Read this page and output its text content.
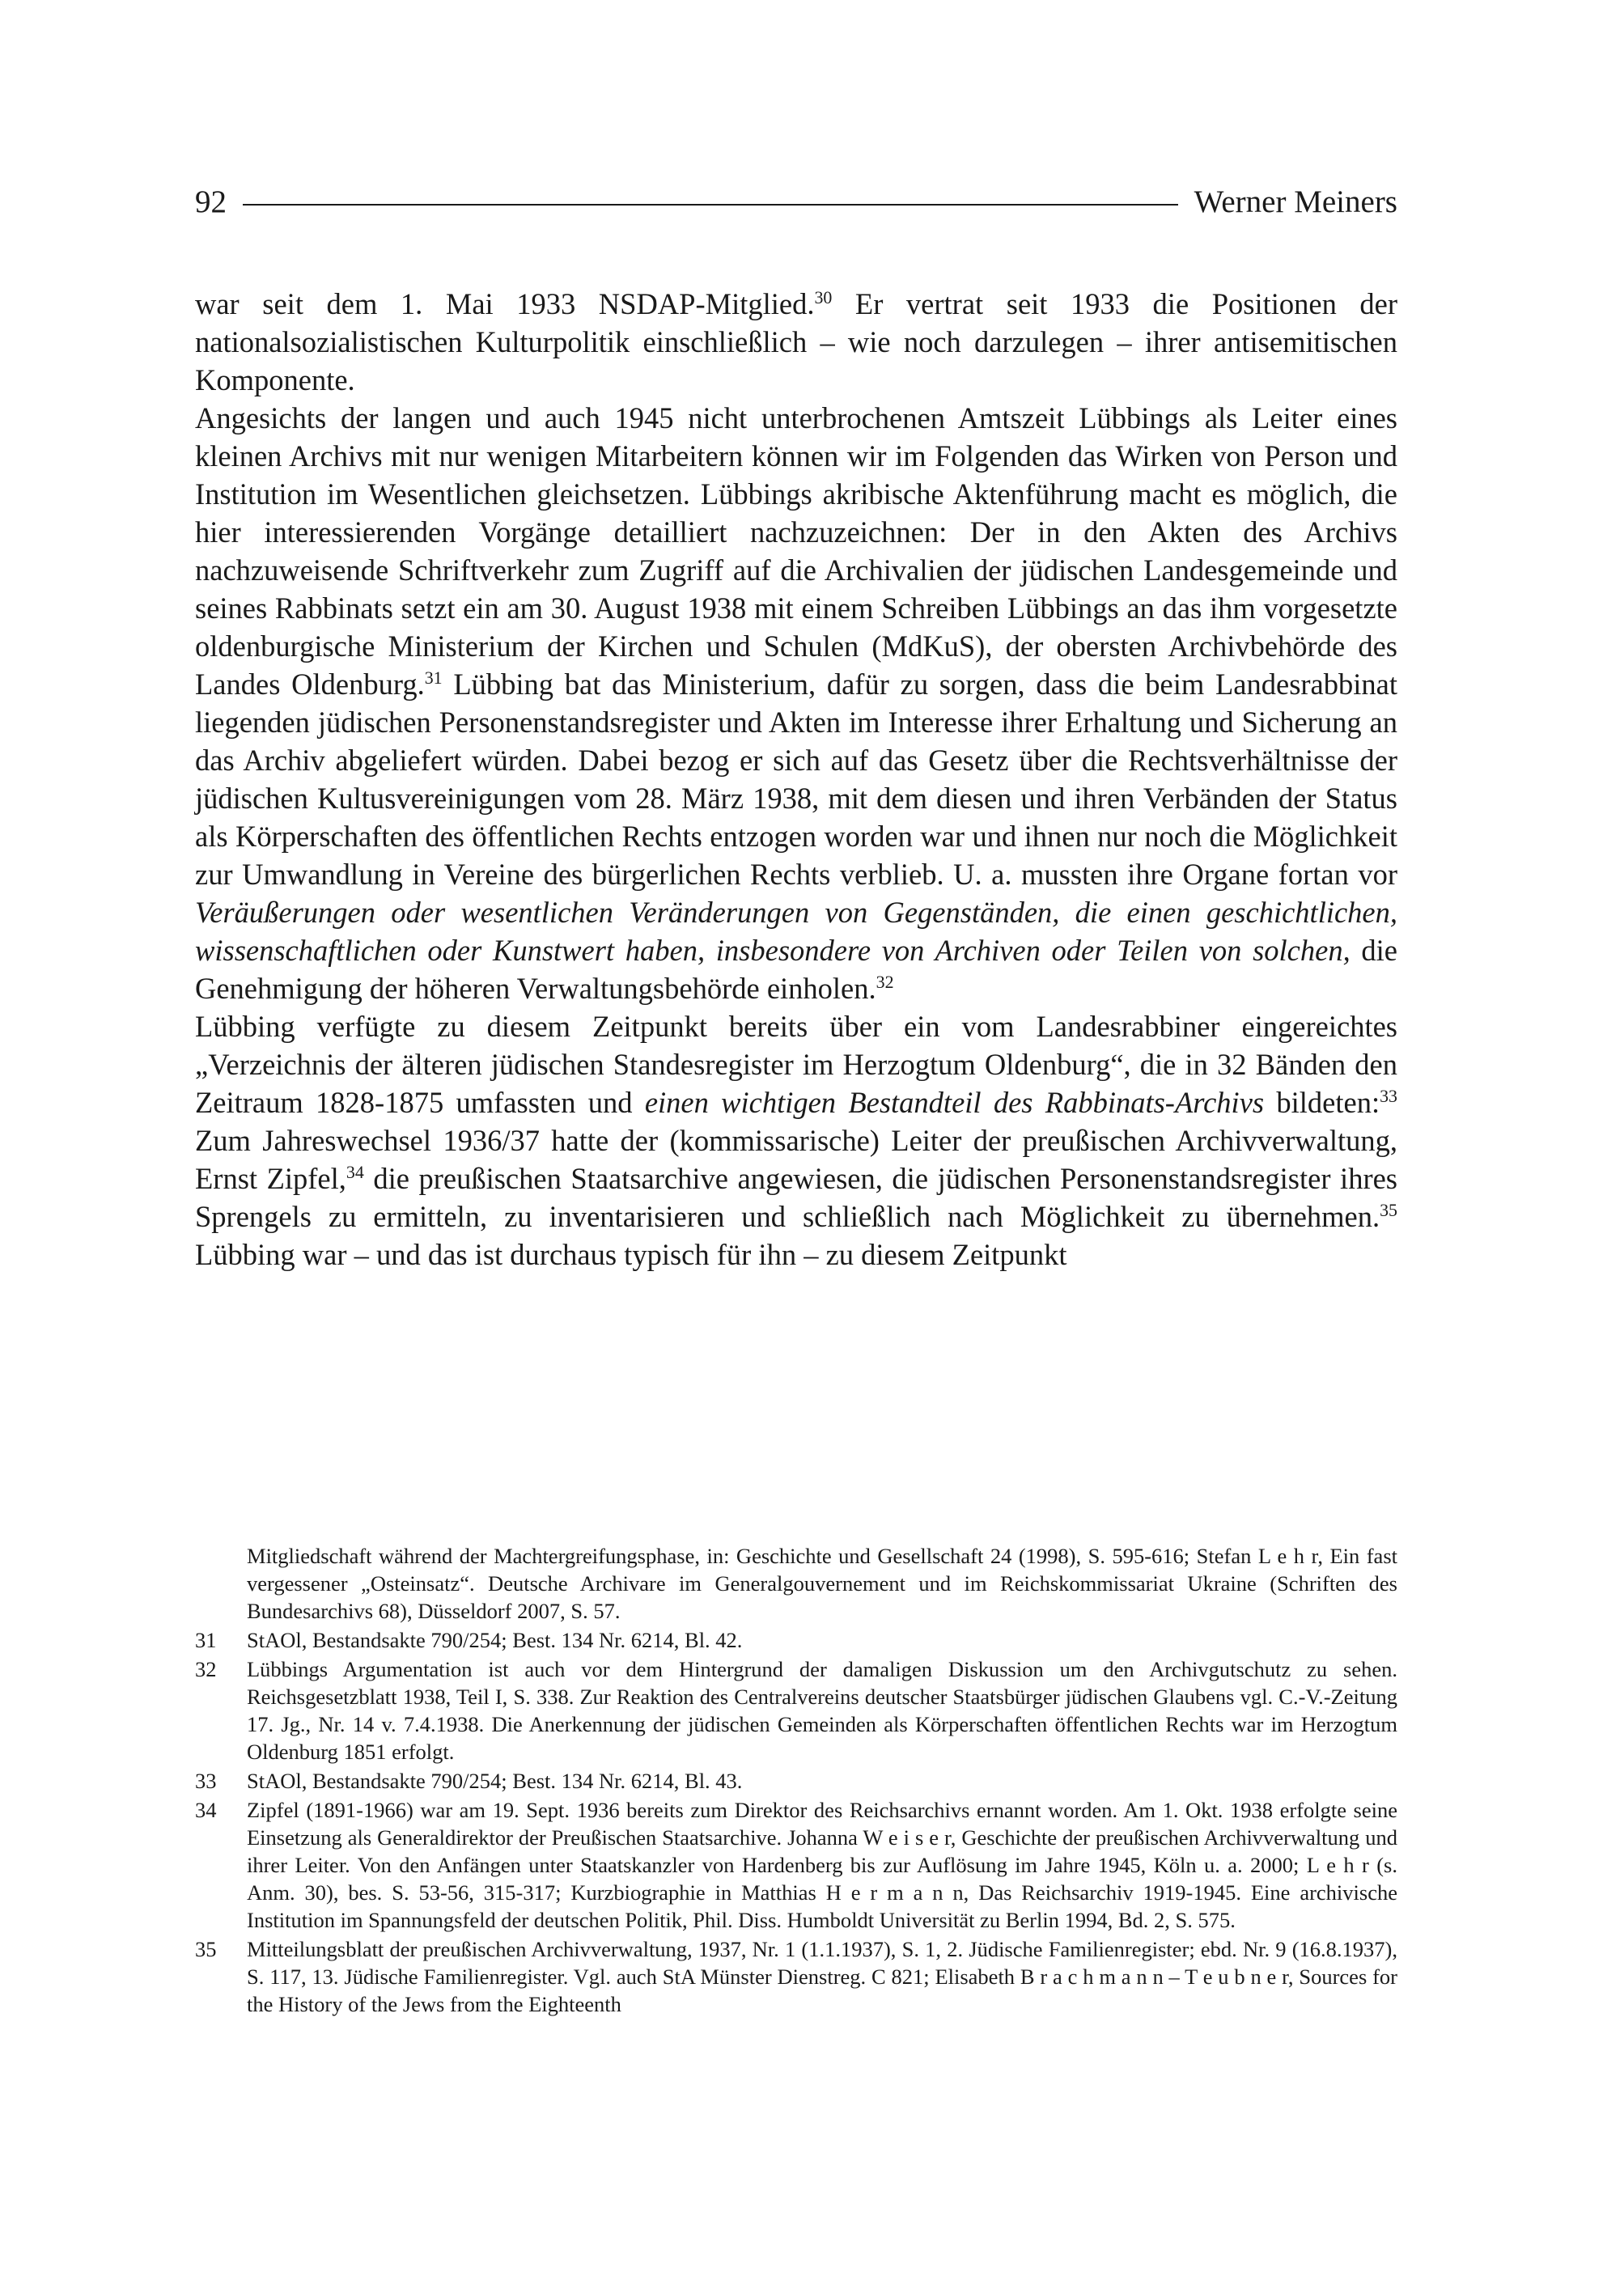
92	Werner Meiners

war seit dem 1. Mai 1933 NSDAP-Mitglied.$^{30}$ Er vertrat seit 1933 die Positionen der nationalsozialistischen Kulturpolitik einschließlich – wie noch darzulegen – ihrer antisemitischen Komponente.

Angesichts der langen und auch 1945 nicht unterbrochenen Amtszeit Lübbings als Leiter eines kleinen Archivs mit nur wenigen Mitarbeitern können wir im Folgenden das Wirken von Person und Institution im Wesentlichen gleichsetzen. Lübbings akribische Aktenführung macht es möglich, die hier interessierenden Vorgänge detailliert nachzuzeichnen: Der in den Akten des Archivs nachzuweisende Schriftverkehr zum Zugriff auf die Archivalien der jüdischen Landesgemeinde und seines Rabbinats setzt ein am 30. August 1938 mit einem Schreiben Lübbings an das ihm vorgesetzte oldenburgische Ministerium der Kirchen und Schulen (MdKuS), der obersten Archivbehörde des Landes Oldenburg.$^{31}$ Lübbing bat das Ministerium, dafür zu sorgen, dass die beim Landesrabbinat liegenden jüdischen Personenstandsregister und Akten im Interesse ihrer Erhaltung und Sicherung an das Archiv abgeliefert würden. Dabei bezog er sich auf das Gesetz über die Rechtsverhältnisse der jüdischen Kultusvereinigungen vom 28. März 1938, mit dem diesen und ihren Verbänden der Status als Körperschaften des öffentlichen Rechts entzogen worden war und ihnen nur noch die Möglichkeit zur Umwandlung in Vereine des bürgerlichen Rechts verblieb. U. a. mussten ihre Organe fortan vor Veräußerungen oder wesentlichen Veränderungen von Gegenständen, die einen geschichtlichen, wissenschaftlichen oder Kunstwert haben, insbesondere von Archiven oder Teilen von solchen, die Genehmigung der höheren Verwaltungsbehörde einholen.$^{32}$

Lübbing verfügte zu diesem Zeitpunkt bereits über ein vom Landesrabbiner eingereichtes „Verzeichnis der älteren jüdischen Standesregister im Herzogtum Oldenburg“, die in 32 Bänden den Zeitraum 1828-1875 umfassten und einen wichtigen Bestandteil des Rabbinats-Archivs bildeten:$^{33}$ Zum Jahreswechsel 1936/37 hatte der (kommissarische) Leiter der preußischen Archivverwaltung, Ernst Zipfel,$^{34}$ die preußischen Staatsarchive angewiesen, die jüdischen Personenstandsregister ihres Sprengels zu ermitteln, zu inventarisieren und schließlich nach Möglichkeit zu übernehmen.$^{35}$ Lübbing war – und das ist durchaus typisch für ihn – zu diesem Zeitpunkt

Mitgliedschaft während der Machtergreifungsphase, in: Geschichte und Gesellschaft 24 (1998), S. 595-616; Stefan L e h r, Ein fast vergessener „Osteinsatz“. Deutsche Archivare im Generalgouvernement und im Reichskommissariat Ukraine (Schriften des Bundesarchivs 68), Düsseldorf 2007, S. 57.
31	StAOl, Bestandsakte 790/254; Best. 134 Nr. 6214, Bl. 42.
32	Lübbings Argumentation ist auch vor dem Hintergrund der damaligen Diskussion um den Archivgutschutz zu sehen. Reichsgesetzblatt 1938, Teil I, S. 338. Zur Reaktion des Centralvereins deutscher Staatsbürger jüdischen Glaubens vgl. C.-V.-Zeitung 17. Jg., Nr. 14 v. 7.4.1938. Die Anerkennung der jüdischen Gemeinden als Körperschaften öffentlichen Rechts war im Herzogtum Oldenburg 1851 erfolgt.
33	StAOl, Bestandsakte 790/254; Best. 134 Nr. 6214, Bl. 43.
34	Zipfel (1891-1966) war am 19. Sept. 1936 bereits zum Direktor des Reichsarchivs ernannt worden. Am 1. Okt. 1938 erfolgte seine Einsetzung als Generaldirektor der Preußischen Staatsarchive. Johanna W e i s e r, Geschichte der preußischen Archivverwaltung und ihrer Leiter. Von den Anfängen unter Staatskanzler von Hardenberg bis zur Auflösung im Jahre 1945, Köln u. a. 2000; L e h r (s. Anm. 30), bes. S. 53-56, 315-317; Kurzbiographie in Matthias H e r m a n n, Das Reichsarchiv 1919-1945. Eine archivische Institution im Spannungsfeld der deutschen Politik, Phil. Diss. Humboldt Universität zu Berlin 1994, Bd. 2, S. 575.
35	Mitteilungsblatt der preußischen Archivverwaltung, 1937, Nr. 1 (1.1.1937), S. 1, 2. Jüdische Familienregister; ebd. Nr. 9 (16.8.1937), S. 117, 13. Jüdische Familienregister. Vgl. auch StA Münster Dienstreg. C 821; Elisabeth B r a c h m a n n – T e u b n e r, Sources for the History of the Jews from the Eighteenth
